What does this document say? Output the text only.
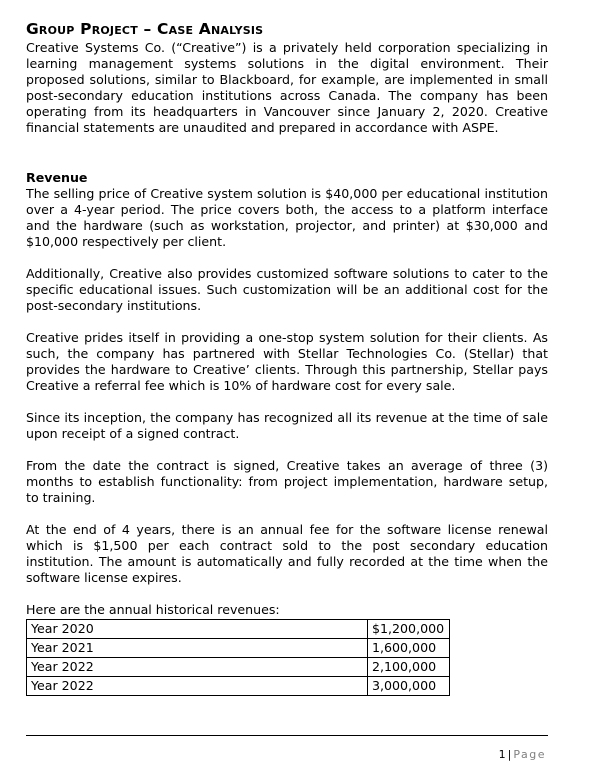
Group Project – Case Analysis

Creative Systems Co. (“Creative”) is a privately held corporation specializing in learning management systems solutions in the digital environment. Their proposed solutions, similar to Blackboard, for example, are implemented in small post-secondary education institutions across Canada. The company has been operating from its headquarters in Vancouver since January 2, 2020. Creative financial statements are unaudited and prepared in accordance with ASPE.

Revenue

The selling price of Creative system solution is $40,000 per educational institution over a 4-year period. The price covers both, the access to a platform interface and the hardware (such as workstation, projector, and printer) at $30,000 and $10,000 respectively per client.

Additionally, Creative also provides customized software solutions to cater to the specific educational issues. Such customization will be an additional cost for the post-secondary institutions.

Creative prides itself in providing a one-stop system solution for their clients. As such, the company has partnered with Stellar Technologies Co. (Stellar) that provides the hardware to Creative’ clients. Through this partnership, Stellar pays Creative a referral fee which is 10% of hardware cost for every sale.

Since its inception, the company has recognized all its revenue at the time of sale upon receipt of a signed contract.

From the date the contract is signed, Creative takes an average of three (3) months to establish functionality: from project implementation, hardware setup, to training.

At the end of 4 years, there is an annual fee for the software license renewal which is $1,500 per each contract sold to the post secondary education institution. The amount is automatically and fully recorded at the time when the software license expires.

Here are the annual historical revenues:
Year 2020	$1,200,000
Year 2021	1,600,000
Year 2022	2,100,000
Year 2022	3,000,000
1 | Page
